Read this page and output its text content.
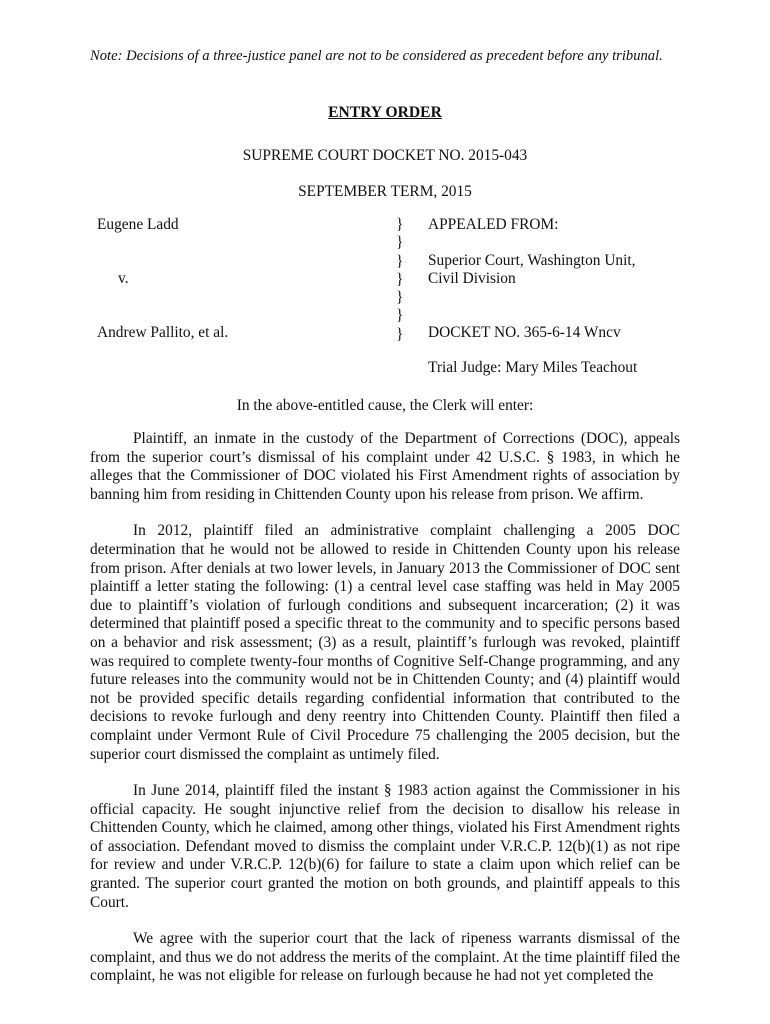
Note: Decisions of a three-justice panel are not to be considered as precedent before any tribunal.
ENTRY ORDER
SUPREME COURT DOCKET NO. 2015-043
SEPTEMBER TERM, 2015
Eugene Ladd
v.
Andrew Pallito, et al.
}
}
}
}
}
}
}
APPEALED FROM:
Superior Court, Washington Unit,
Civil Division
DOCKET NO. 365-6-14 Wncv
Trial Judge: Mary Miles Teachout
In the above-entitled cause, the Clerk will enter:

Plaintiff, an inmate in the custody of the Department of Corrections (DOC), appeals from the superior court’s dismissal of his complaint under 42 U.S.C. § 1983, in which he alleges that the Commissioner of DOC violated his First Amendment rights of association by banning him from residing in Chittenden County upon his release from prison. We affirm.

In 2012, plaintiff filed an administrative complaint challenging a 2005 DOC determination that he would not be allowed to reside in Chittenden County upon his release from prison. After denials at two lower levels, in January 2013 the Commissioner of DOC sent plaintiff a letter stating the following: (1) a central level case staffing was held in May 2005 due to plaintiff’s violation of furlough conditions and subsequent incarceration; (2) it was determined that plaintiff posed a specific threat to the community and to specific persons based on a behavior and risk assessment; (3) as a result, plaintiff’s furlough was revoked, plaintiff was required to complete twenty-four months of Cognitive Self-Change programming, and any future releases into the community would not be in Chittenden County; and (4) plaintiff would not be provided specific details regarding confidential information that contributed to the decisions to revoke furlough and deny reentry into Chittenden County. Plaintiff then filed a complaint under Vermont Rule of Civil Procedure 75 challenging the 2005 decision, but the superior court dismissed the complaint as untimely filed.

In June 2014, plaintiff filed the instant § 1983 action against the Commissioner in his official capacity. He sought injunctive relief from the decision to disallow his release in Chittenden County, which he claimed, among other things, violated his First Amendment rights of association. Defendant moved to dismiss the complaint under V.R.C.P. 12(b)(1) as not ripe for review and under V.R.C.P. 12(b)(6) for failure to state a claim upon which relief can be granted. The superior court granted the motion on both grounds, and plaintiff appeals to this Court.

We agree with the superior court that the lack of ripeness warrants dismissal of the complaint, and thus we do not address the merits of the complaint. At the time plaintiff filed the complaint, he was not eligible for release on furlough because he had not yet completed the
